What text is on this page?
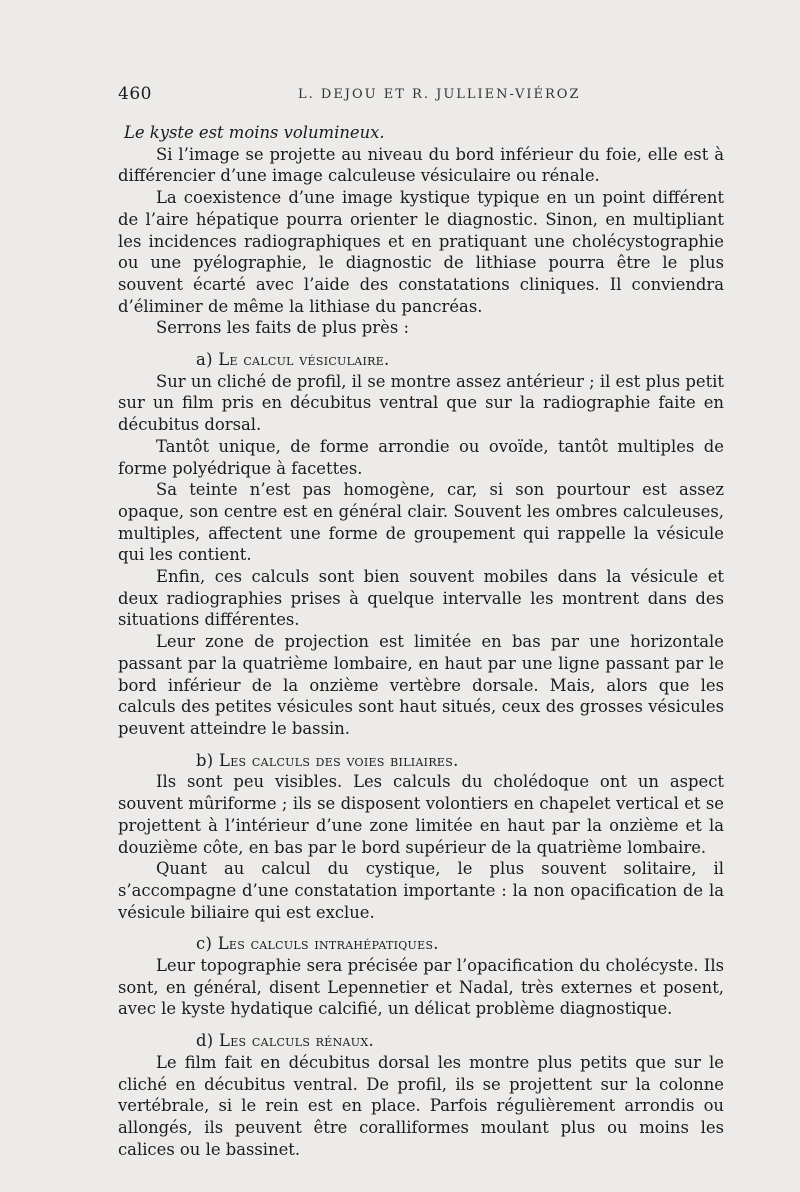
460	L. DEJOU ET R. JULLIEN-VIÉROZ

Le kyste est moins volumineux.

Si l’image se projette au niveau du bord inférieur du foie, elle est à différencier d’une image calculeuse vésiculaire ou rénale.

La coexistence d’une image kystique typique en un point différent de l’aire hépatique pourra orienter le diagnostic. Sinon, en multipliant les incidences radiographiques et en pratiquant une cholécystographie ou une pyélographie, le diagnostic de lithiase pourra être le plus souvent écarté avec l’aide des constatations cliniques. Il conviendra d’éliminer de même la lithiase du pancréas.

Serrons les faits de plus près :

a) Le calcul vésiculaire.

Sur un cliché de profil, il se montre assez antérieur ; il est plus petit sur un film pris en décubitus ventral que sur la radiographie faite en décubitus dorsal.

Tantôt unique, de forme arrondie ou ovoïde, tantôt multiples de forme polyédrique à facettes.

Sa teinte n’est pas homogène, car, si son pourtour est assez opaque, son centre est en général clair. Souvent les ombres calculeuses, multiples, affectent une forme de groupement qui rappelle la vésicule qui les contient.

Enfin, ces calculs sont bien souvent mobiles dans la vésicule et deux radiographies prises à quelque intervalle les montrent dans des situations différentes.

Leur zone de projection est limitée en bas par une horizontale passant par la quatrième lombaire, en haut par une ligne passant par le bord inférieur de la onzième vertèbre dorsale. Mais, alors que les calculs des petites vésicules sont haut situés, ceux des grosses vésicules peuvent atteindre le bassin.

b) Les calculs des voies biliaires.

Ils sont peu visibles. Les calculs du cholédoque ont un aspect souvent mûriforme ; ils se disposent volontiers en chapelet vertical et se projettent à l’intérieur d’une zone limitée en haut par la onzième et la douzième côte, en bas par le bord supérieur de la quatrième lombaire.

Quant au calcul du cystique, le plus souvent solitaire, il s’accompagne d’une constatation importante : la non opacification de la vésicule biliaire qui est exclue.

c) Les calculs intrahépatiques.

Leur topographie sera précisée par l’opacification du cholécyste. Ils sont, en général, disent Lepennetier et Nadal, très externes et posent, avec le kyste hydatique calcifié, un délicat problème diagnostique.

d) Les calculs rénaux.

Le film fait en décubitus dorsal les montre plus petits que sur le cliché en décubitus ventral. De profil, ils se projettent sur la colonne vertébrale, si le rein est en place. Parfois régulièrement arrondis ou allongés, ils peuvent être coralliformes moulant plus ou moins les calices ou le bassinet.
